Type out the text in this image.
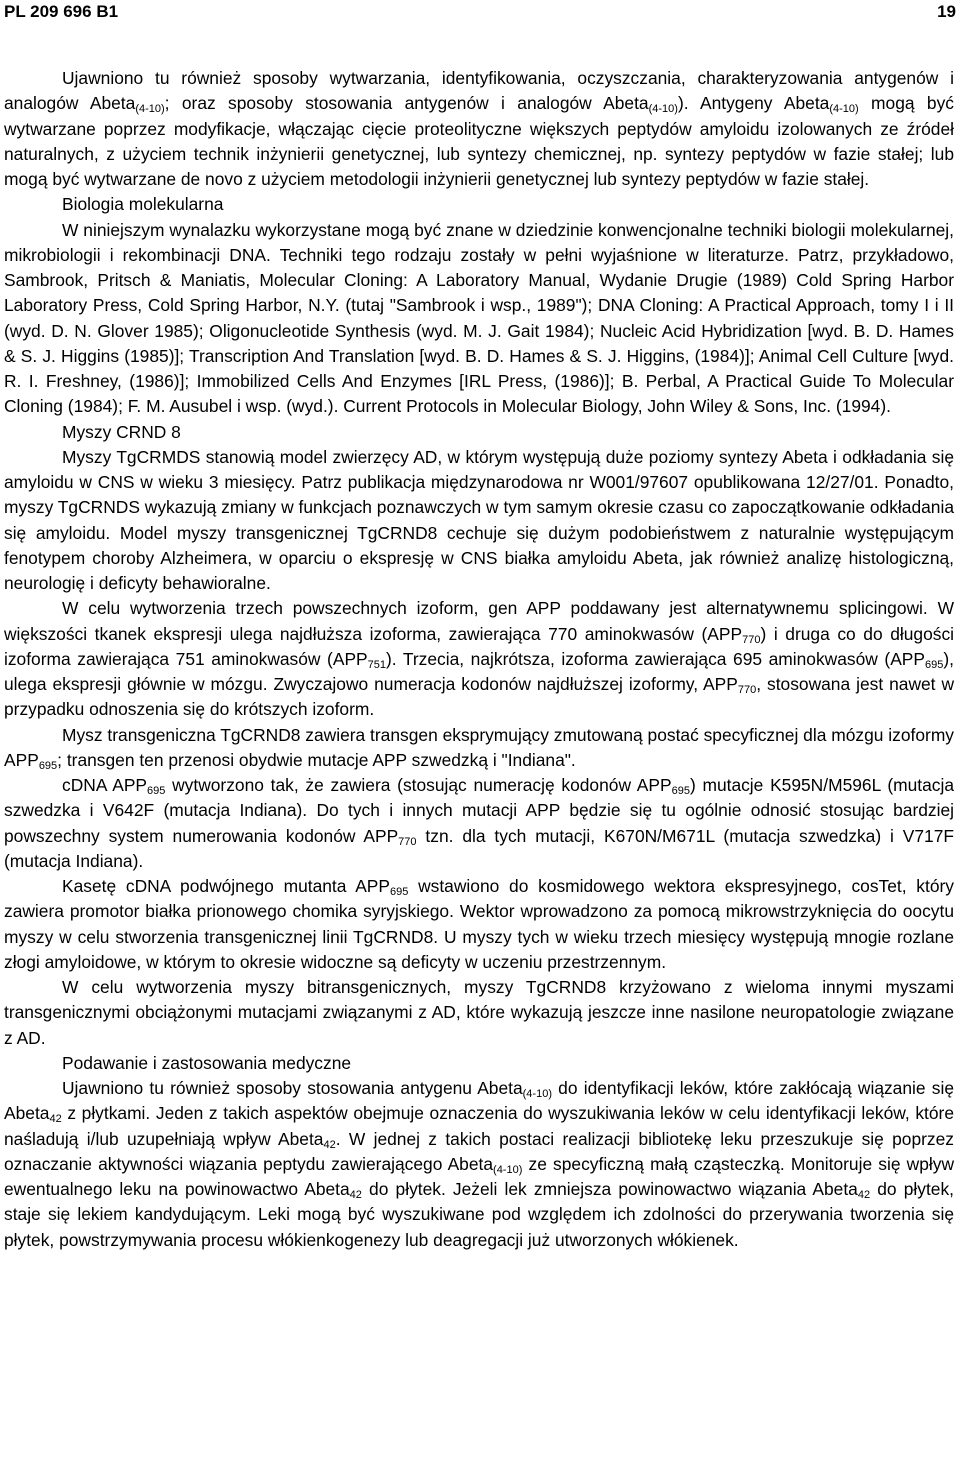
PL 209 696 B1	19

Ujawniono tu również sposoby wytwarzania, identyfikowania, oczyszczania, charakteryzowania antygenów i analogów Abeta$_{(4-10)}$; oraz sposoby stosowania antygenów i analogów Abeta$_{(4-10)}$). Antygeny Abeta$_{(4-10)}$ mogą być wytwarzane poprzez modyfikacje, włączając cięcie proteolityczne większych peptydów amyloidu izolowanych ze źródeł naturalnych, z użyciem technik inżynierii genetycznej, lub syntezy chemicznej, np. syntezy peptydów w fazie stałej; lub mogą być wytwarzane de novo z użyciem metodologii inżynierii genetycznej lub syntezy peptydów w fazie stałej.

Biologia molekularna

W niniejszym wynalazku wykorzystane mogą być znane w dziedzinie konwencjonalne techniki biologii molekularnej, mikrobiologii i rekombinacji DNA. Techniki tego rodzaju zostały w pełni wyjaśnione w literaturze. Patrz, przykładowo, Sambrook, Pritsch & Maniatis, Molecular Cloning: A Laboratory Manual, Wydanie Drugie (1989) Cold Spring Harbor Laboratory Press, Cold Spring Harbor, N.Y. (tutaj "Sambrook i wsp., 1989"); DNA Cloning: A Practical Approach, tomy I i II (wyd. D. N. Glover 1985); Oligonucleotide Synthesis (wyd. M. J. Gait 1984); Nucleic Acid Hybridization [wyd. B. D. Hames & S. J. Higgins (1985)]; Transcription And Translation [wyd. B. D. Hames & S. J. Higgins, (1984)]; Animal Cell Culture [wyd. R. I. Freshney, (1986)]; Immobilized Cells And Enzymes [IRL Press, (1986)]; B. Perbal, A Practical Guide To Molecular Cloning (1984); F. M. Ausubel i wsp. (wyd.). Current Protocols in Molecular Biology, John Wiley & Sons, Inc. (1994).

Myszy CRND 8

Myszy TgCRMDS stanowią model zwierzęcy AD, w którym występują duże poziomy syntezy Abeta i odkładania się amyloidu w CNS w wieku 3 miesięcy. Patrz publikacja międzynarodowa nr W001/97607 opublikowana 12/27/01. Ponadto, myszy TgCRNDS wykazują zmiany w funkcjach poznawczych w tym samym okresie czasu co zapoczątkowanie odkładania się amyloidu. Model myszy transgenicznej TgCRND8 cechuje się dużym podobieństwem z naturalnie występującym fenotypem choroby Alzheimera, w oparciu o ekspresję w CNS białka amyloidu Abeta, jak również analizę histologiczną, neurologię i deficyty behawioralne.

W celu wytworzenia trzech powszechnych izoform, gen APP poddawany jest alternatywnemu splicingowi. W większości tkanek ekspresji ulega najdłuższa izoforma, zawierająca 770 aminokwasów $(APP_{770})$ i druga co do długości izoforma zawierająca 751 aminokwasów $(APP_{751})$. Trzecia, najkrótsza, izoforma zawierająca 695 aminokwasów $(APP_{695})$, ulega ekspresji głównie w mózgu. Zwyczajowo numeracja kodonów najdłuższej izoformy, $APP_{770}$, stosowana jest nawet w przypadku odnoszenia się do krótszych izoform.

Mysz transgeniczna TgCRND8 zawiera transgen eksprymujący zmutowaną postać specyficznej dla mózgu izoformy $APP_{695}$; transgen ten przenosi obydwie mutacje APP szwedzką i "Indiana".

cDNA $APP_{695}$ wytworzono tak, że zawiera (stosując numerację kodonów $APP_{695}$) mutacje K595N/M596L (mutacja szwedzka i V642F (mutacja Indiana). Do tych i innych mutacji APP będzie się tu ogólnie odnosić stosując bardziej powszechny system numerowania kodonów $APP_{770}$ tzn. dla tych mutacji, K670N/M671L (mutacja szwedzka) i V717F (mutacja Indiana).

Kasetę cDNA podwójnego mutanta $APP_{695}$ wstawiono do kosmidowego wektora ekspresyjnego, cosTet, który zawiera promotor białka prionowego chomika syryjskiego. Wektor wprowadzono za pomocą mikrowstrzyknięcia do oocytu myszy w celu stworzenia transgenicznej linii TgCRND8. U myszy tych w wieku trzech miesięcy występują mnogie rozlane złogi amyloidowe, w którym to okresie widoczne są deficyty w uczeniu przestrzennym.

W celu wytworzenia myszy bitransgenicznych, myszy TgCRND8 krzyżowano z wieloma innymi myszami transgenicznymi obciążonymi mutacjami związanymi z AD, które wykazują jeszcze inne nasilone neuropatologie związane z AD.

Podawanie i zastosowania medyczne

Ujawniono tu również sposoby stosowania antygenu Abeta$_{(4-10)}$ do identyfikacji leków, które zakłócają wiązanie się Abeta$_{42}$ z płytkami. Jeden z takich aspektów obejmuje oznaczenia do wyszukiwania leków w celu identyfikacji leków, które naśladują i/lub uzupełniają wpływ Abeta$_{42}$. W jednej z takich postaci realizacji bibliotekę leku przeszukuje się poprzez oznaczanie aktywności wiązania peptydu zawierającego Abeta$_{(4-10)}$ ze specyficzną małą cząsteczką. Monitoruje się wpływ ewentualnego leku na powinowactwo Abeta$_{42}$ do płytek. Jeżeli lek zmniejsza powinowactwo wiązania Abeta$_{42}$ do płytek, staje się lekiem kandydującym. Leki mogą być wyszukiwane pod względem ich zdolności do przerywania tworzenia się płytek, powstrzymywania procesu włókienkogenezy lub deagregacji już utworzonych włókienek.
